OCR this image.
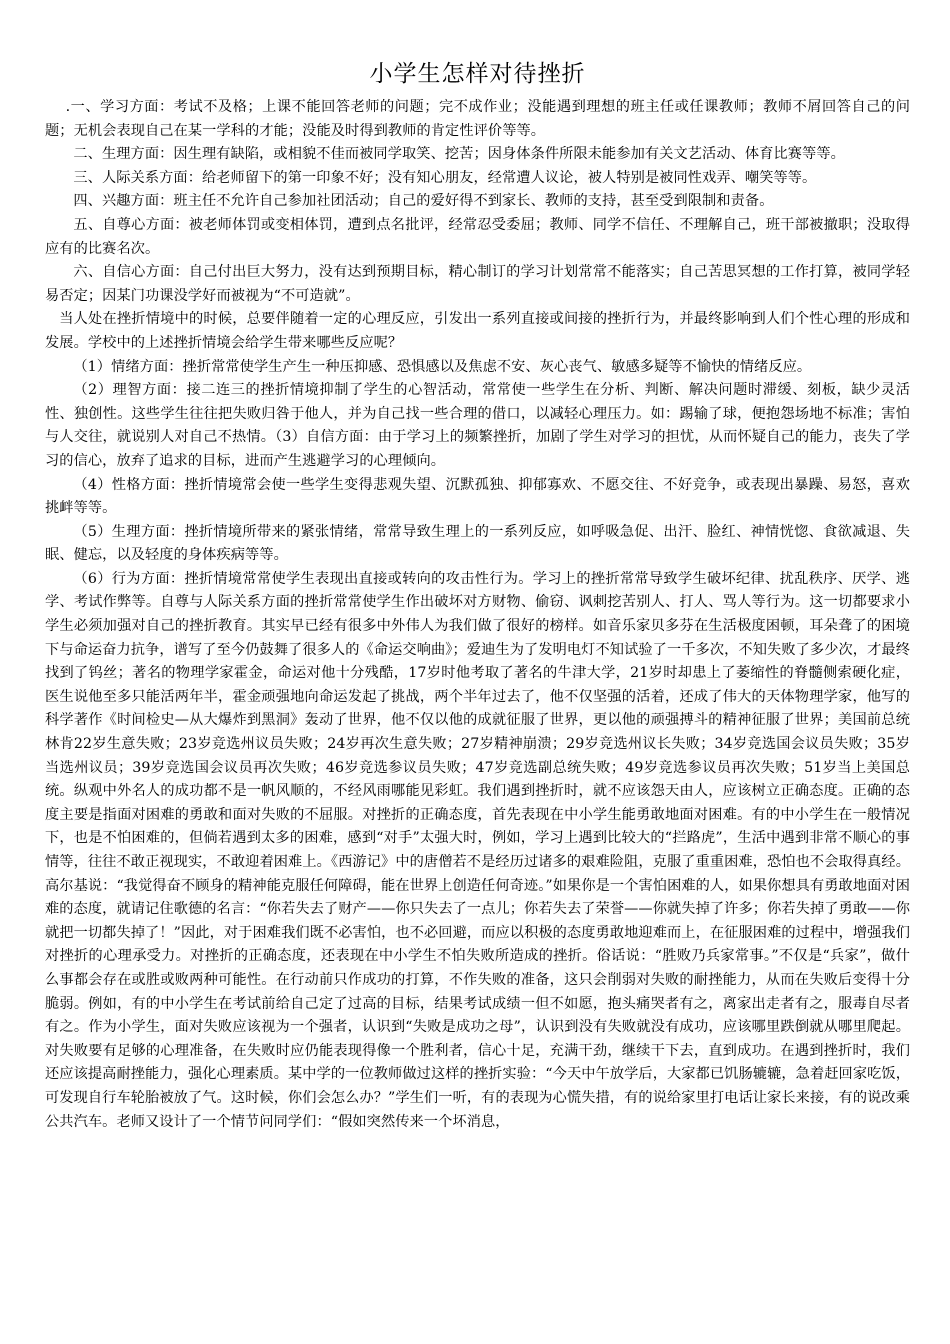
小学生怎样对待挫折

.一、学习方面：考试不及格；上课不能回答老师的问题；完不成作业；没能遇到理想的班主任或任课教师；教师不屑回答自己的问题；无机会表现自己在某一学科的才能；没能及时得到教师的肯定性评价等等。

二、生理方面：因生理有缺陷，或相貌不佳而被同学取笑、挖苦；因身体条件所限未能参加有关文艺活动、体育比赛等等。

三、人际关系方面：给老师留下的第一印象不好；没有知心朋友，经常遭人议论，被人特别是被同性戏弄、嘲笑等等。

四、兴趣方面：班主任不允许自己参加社团活动；自己的爱好得不到家长、教师的支持，甚至受到限制和责备。

五、自尊心方面：被老师体罚或变相体罚，遭到点名批评，经常忍受委屈；教师、同学不信任、不理解自己，班干部被撤职；没取得应有的比赛名次。

六、自信心方面：自己付出巨大努力，没有达到预期目标，精心制订的学习计划常常不能落实；自己苦思冥想的工作打算，被同学轻易否定；因某门功课没学好而被视为“不可造就”。

当人处在挫折情境中的时候，总要伴随着一定的心理反应，引发出一系列直接或间接的挫折行为，并最终影响到人们个性心理的形成和发展。学校中的上述挫折情境会给学生带来哪些反应呢？

（1）情绪方面：挫折常常使学生产生一种压抑感、恐惧感以及焦虑不安、灰心丧气、敏感多疑等不愉快的情绪反应。

（2）理智方面：接二连三的挫折情境抑制了学生的心智活动，常常使一些学生在分析、判断、解决问题时滞缓、刻板，缺少灵活性、独创性。这些学生往往把失败归咎于他人，并为自己找一些合理的借口，以减轻心理压力。如：踢输了球，便抱怨场地不标准；害怕与人交往，就说别人对自己不热情。（3）自信方面：由于学习上的频繁挫折，加剧了学生对学习的担忧，从而怀疑自己的能力，丧失了学习的信心，放弃了追求的目标，进而产生逃避学习的心理倾向。

（4）性格方面：挫折情境常会使一些学生变得悲观失望、沉默孤独、抑郁寡欢、不愿交往、不好竞争，或表现出暴躁、易怒，喜欢挑衅等等。

（5）生理方面：挫折情境所带来的紧张情绪，常常导致生理上的一系列反应，如呼吸急促、出汗、脸红、神情恍惚、食欲减退、失眠、健忘，以及轻度的身体疾病等等。

（6）行为方面：挫折情境常常使学生表现出直接或转向的攻击性行为。学习上的挫折常常导致学生破坏纪律、扰乱秩序、厌学、逃学、考试作弊等。自尊与人际关系方面的挫折常常使学生作出破坏对方财物、偷窃、讽刺挖苦别人、打人、骂人等行为。这一切都要求小学生必须加强对自己的挫折教育。其实早已经有很多中外伟人为我们做了很好的榜样。如音乐家贝多芬在生活极度困顿，耳朵聋了的困境下与命运奋力抗争，谱写了至今仍鼓舞了很多人的《命运交响曲》；爱迪生为了发明电灯不知试验了一千多次，不知失败了多少次，才最终找到了钨丝；著名的物理学家霍金，命运对他十分残酷，17岁时他考取了著名的牛津大学，21岁时却患上了萎缩性的脊髓侧索硬化症，医生说他至多只能活两年半，霍金顽强地向命运发起了挑战，两个半年过去了，他不仅坚强的活着，还成了伟大的天体物理学家，他写的科学著作《时间检史—从大爆炸到黑洞》轰动了世界，他不仅以他的成就征服了世界，更以他的顽强搏斗的精神征服了世界；美国前总统林肯22岁生意失败；23岁竞选州议员失败；24岁再次生意失败；27岁精神崩溃；29岁竞选州议长失败；34岁竞选国会议员失败；35岁当选州议员；39岁竞选国会议员再次失败；46岁竞选参议员失败；47岁竞选副总统失败；49岁竞选参议员再次失败；51岁当上美国总统。纵观中外名人的成功都不是一帆风顺的，不经风雨哪能见彩虹。我们遇到挫折时，就不应该怨天由人，应该树立正确态度。正确的态度主要是指面对困难的勇敢和面对失败的不屈服。对挫折的正确态度，首先表现在中小学生能勇敢地面对困难。有的中小学生在一般情况下，也是不怕困难的，但倘若遇到太多的困难，感到“对手”太强大时，例如，学习上遇到比较大的“拦路虎”，生活中遇到非常不顺心的事情等，往往不敢正视现实，不敢迎着困难上。《西游记》中的唐僧若不是经历过诸多的艰难险阻，克服了重重困难，恐怕也不会取得真经。高尔基说：“我觉得奋不顾身的精神能克服任何障碍，能在世界上创造任何奇迹。”如果你是一个害怕困难的人，如果你想具有勇敢地面对困难的态度，就请记住歌德的名言：“你若失去了财产——你只失去了一点儿；你若失去了荣誉——你就失掉了许多；你若失掉了勇敢——你就把一切都失掉了！”因此，对于困难我们既不必害怕，也不必回避，而应以积极的态度勇敢地迎难而上，在征服困难的过程中，增强我们对挫折的心理承受力。对挫折的正确态度，还表现在中小学生不怕失败所造成的挫折。俗话说：“胜败乃兵家常事。”不仅是“兵家”，做什么事都会存在或胜或败两种可能性。在行动前只作成功的打算，不作失败的准备，这只会削弱对失败的耐挫能力，从而在失败后变得十分脆弱。例如，有的中小学生在考试前给自己定了过高的目标，结果考试成绩一但不如愿，抱头痛哭者有之，离家出走者有之，服毒自尽者有之。作为小学生，面对失败应该视为一个强者，认识到“失败是成功之母”，认识到没有失败就没有成功，应该哪里跌倒就从哪里爬起。对失败要有足够的心理准备，在失败时应仍能表现得像一个胜利者，信心十足，充满干劲，继续干下去，直到成功。在遇到挫折时，我们还应该提高耐挫能力，强化心理素质。某中学的一位教师做过这样的挫折实验：“今天中午放学后，大家都已饥肠辘辘，急着赶回家吃饭，可发现自行车轮胎被放了气。这时候，你们会怎么办？”学生们一听，有的表现为心慌失措，有的说给家里打电话让家长来接，有的说改乘公共汽车。老师又设计了一个情节问同学们：“假如突然传来一个坏消息，
